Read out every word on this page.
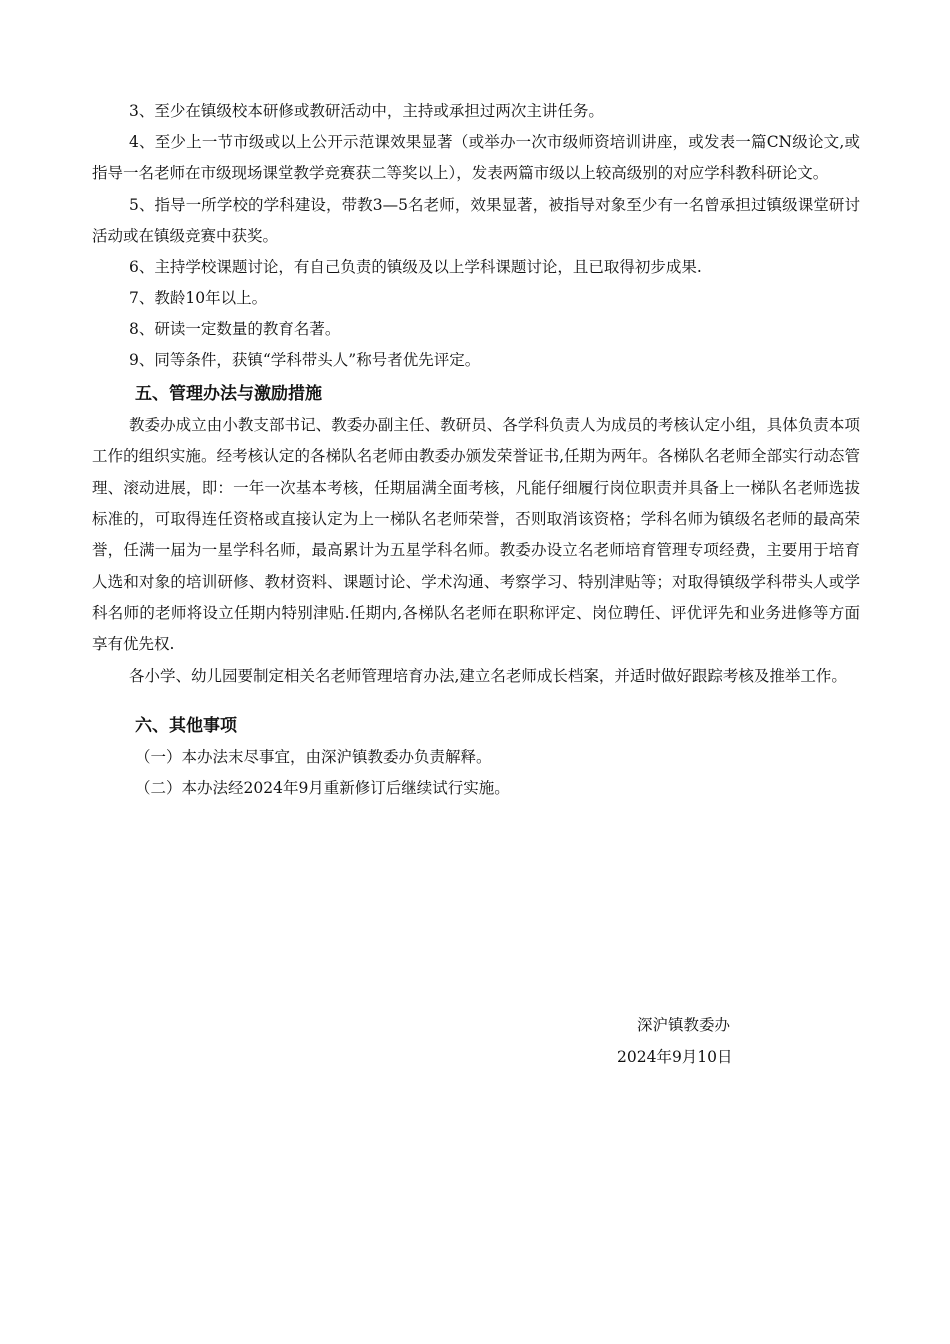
3、至少在镇级校本研修或教研活动中，主持或承担过两次主讲任务。

4、至少上一节市级或以上公开示范课效果显著（或举办一次市级师资培训讲座，或发表一篇CN级论文,或指导一名老师在市级现场课堂教学竞赛获二等奖以上），发表两篇市级以上较高级别的对应学科教科研论文。

5、指导一所学校的学科建设，带教3—5名老师，效果显著，被指导对象至少有一名曾承担过镇级课堂研讨活动或在镇级竞赛中获奖。

6、主持学校课题讨论，有自己负责的镇级及以上学科课题讨论，且已取得初步成果.

7、教龄10年以上。

8、研读一定数量的教育名著。

9、同等条件，获镇“学科带头人”称号者优先评定。

五、管理办法与激励措施

教委办成立由小教支部书记、教委办副主任、教研员、各学科负责人为成员的考核认定小组，具体负责本项工作的组织实施。经考核认定的各梯队名老师由教委办颁发荣誉证书,任期为两年。各梯队名老师全部实行动态管理、滚动进展，即：一年一次基本考核，任期届满全面考核，凡能仔细履行岗位职责并具备上一梯队名老师选拔标准的，可取得连任资格或直接认定为上一梯队名老师荣誉，否则取消该资格；学科名师为镇级名老师的最高荣誉，任满一届为一星学科名师，最高累计为五星学科名师。教委办设立名老师培育管理专项经费，主要用于培育人选和对象的培训研修、教材资料、课题讨论、学术沟通、考察学习、特别津贴等；对取得镇级学科带头人或学科名师的老师将设立任期内特别津贴.任期内,各梯队名老师在职称评定、岗位聘任、评优评先和业务进修等方面享有优先权.

各小学、幼儿园要制定相关名老师管理培育办法,建立名老师成长档案，并适时做好跟踪考核及推举工作。

六、其他事项

（一）本办法末尽事宜，由深沪镇教委办负责解释。

（二）本办法经2024年9月重新修订后继续试行实施。

深沪镇教委办

2024年9月10日
